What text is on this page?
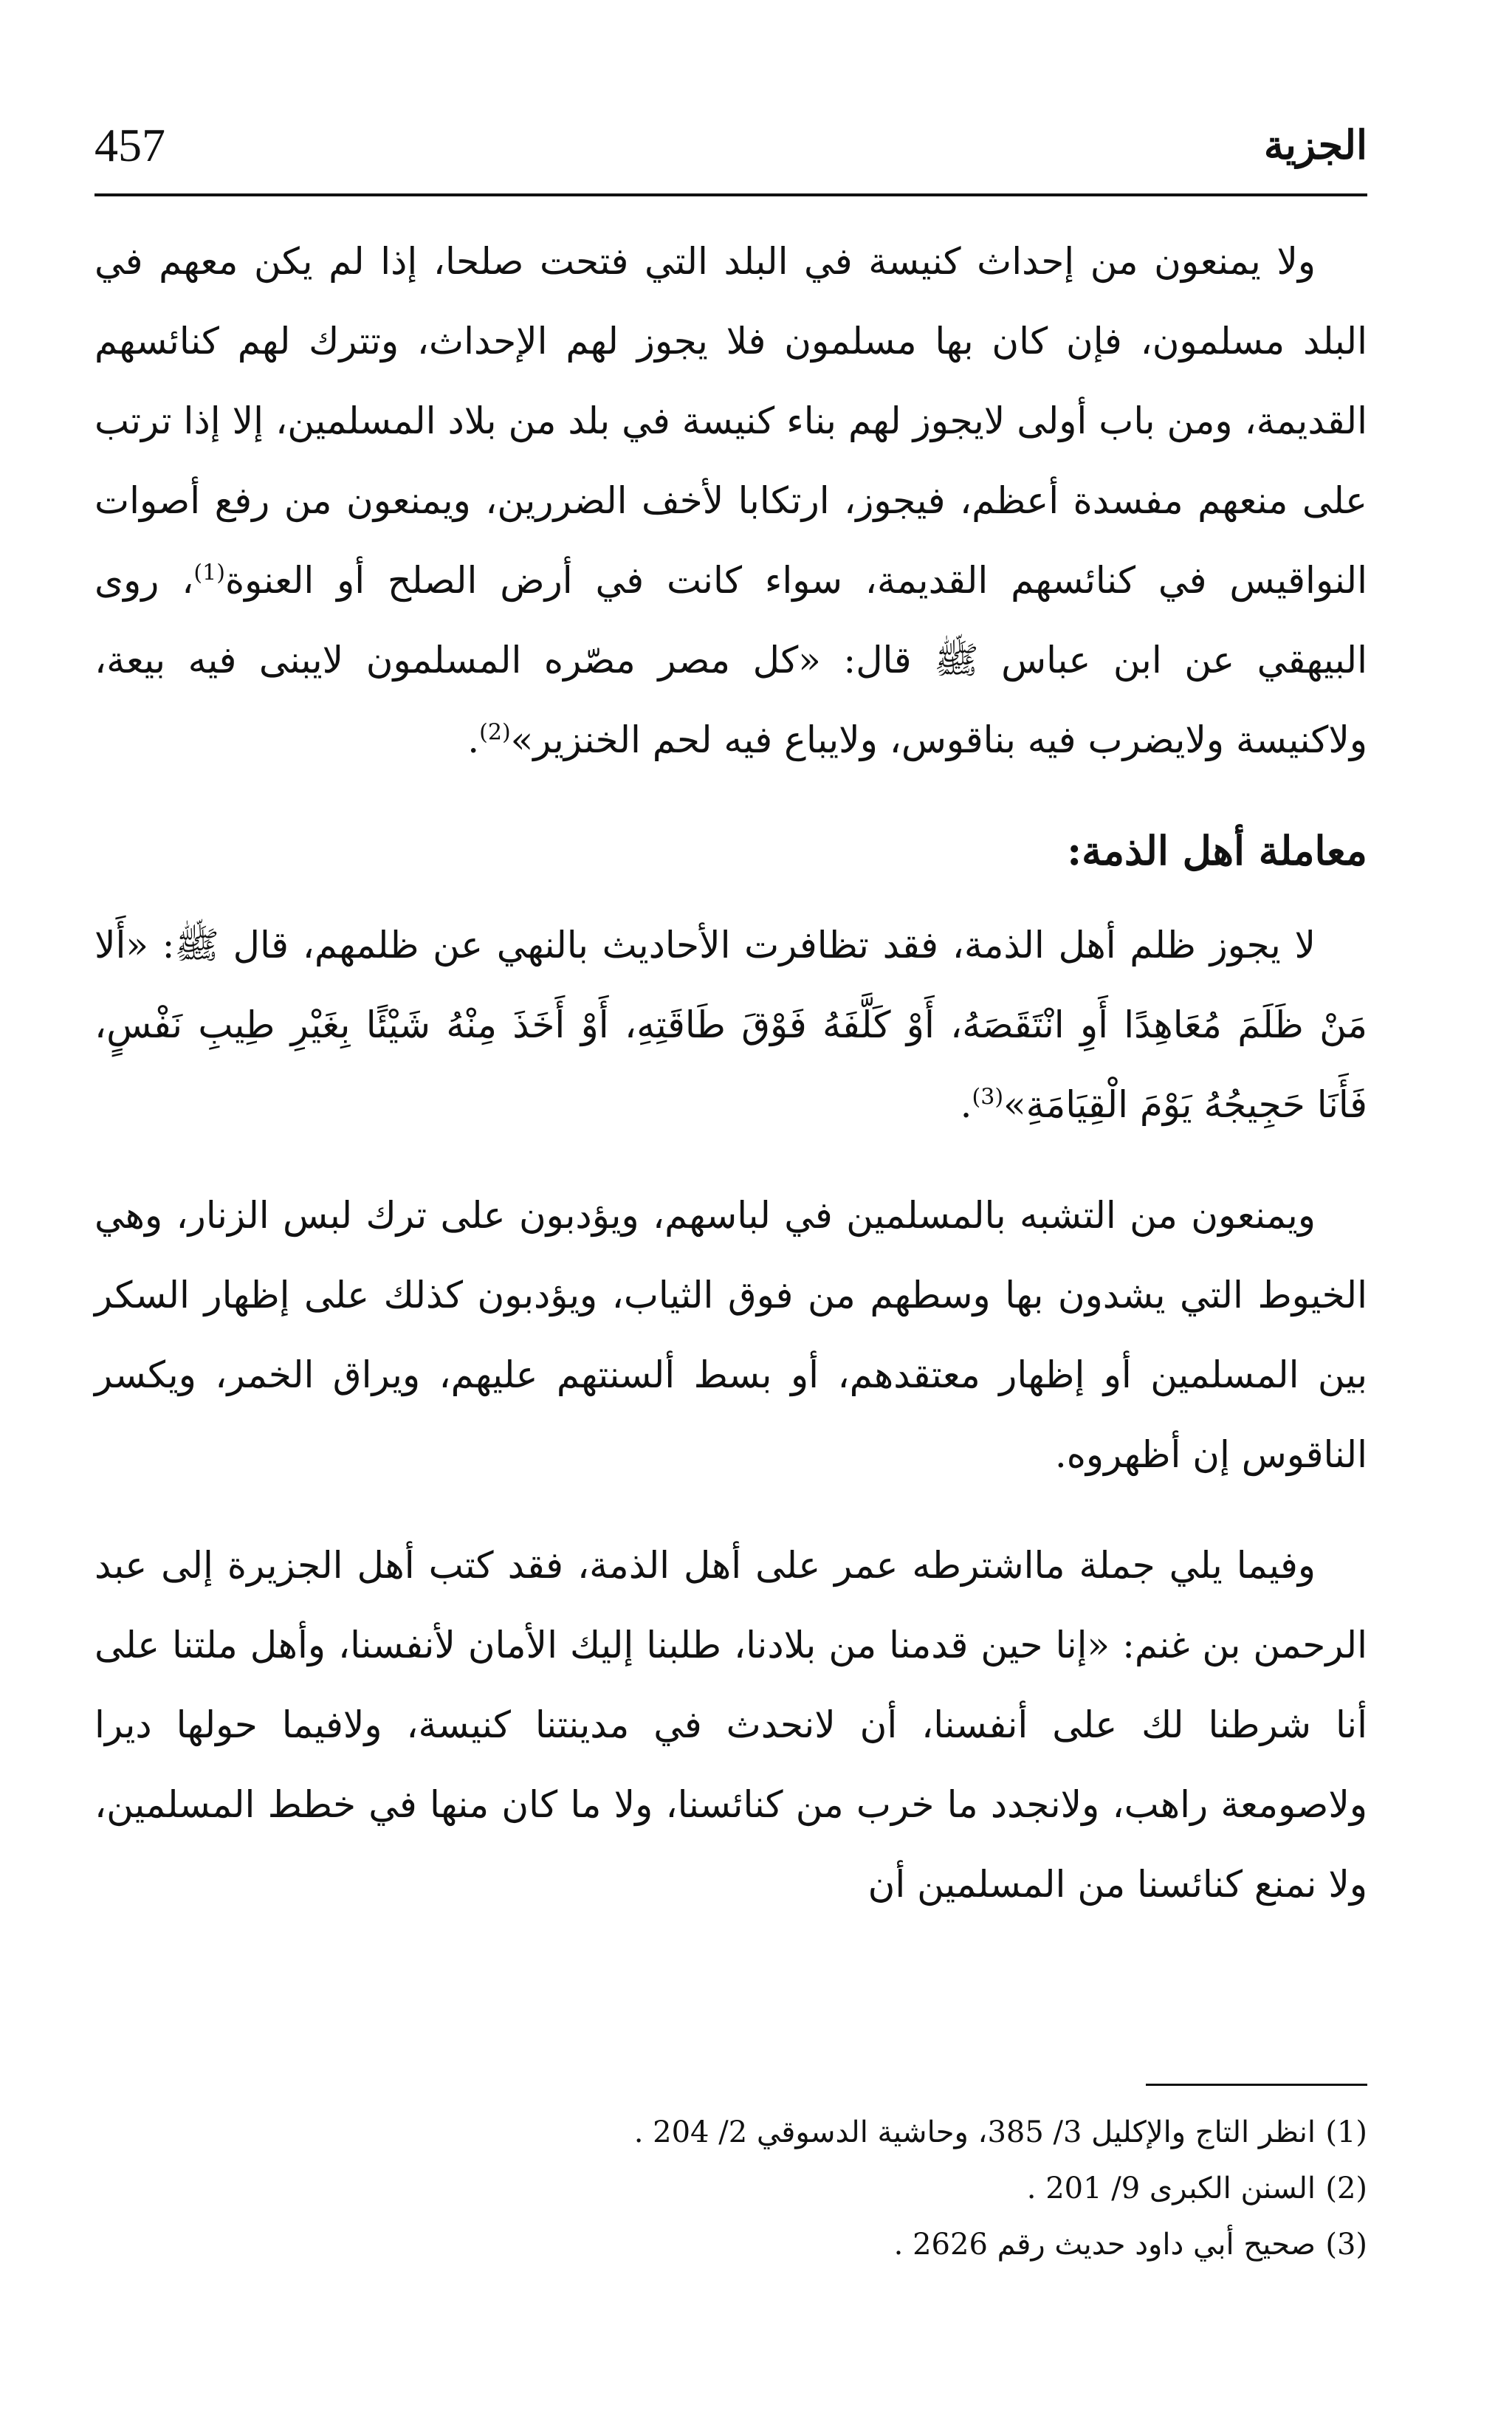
457	الجزية

ولا يمنعون من إحداث كنيسة في البلد التي فتحت صلحا، إذا لم يكن معهم في البلد مسلمون، فإن كان بها مسلمون فلا يجوز لهم الإحداث، وتترك لهم كنائسهم القديمة، ومن باب أولى لايجوز لهم بناء كنيسة في بلد من بلاد المسلمين، إلا إذا ترتب على منعهم مفسدة أعظم، فيجوز، ارتكابا لأخف الضررين، ويمنعون من رفع أصوات النواقيس في كنائسهم القديمة، سواء كانت في أرض الصلح أو العنوة$^{(1)}$، روى البيهقي عن ابن عباس ﷺ قال: «كل مصر مصّره المسلمون لايبنى فيه بيعة، ولاكنيسة ولايضرب فيه بناقوس، ولايباع فيه لحم الخنزير»$^{(2)}$.

معاملة أهل الذمة:

لا يجوز ظلم أهل الذمة، فقد تظافرت الأحاديث بالنهي عن ظلمهم، قال ﷺ: «أَلا مَنْ ظَلَمَ مُعَاهِدًا أَوِ انْتَقَصَهُ، أَوْ كَلَّفَهُ فَوْقَ طَاقَتِهِ، أَوْ أَخَذَ مِنْهُ شَيْئًا بِغَيْرِ طِيبِ نَفْسٍ، فَأَنَا حَجِيجُهُ يَوْمَ الْقِيَامَةِ»$^{(3)}$.

ويمنعون من التشبه بالمسلمين في لباسهم، ويؤدبون على ترك لبس الزنار، وهي الخيوط التي يشدون بها وسطهم من فوق الثياب، ويؤدبون كذلك على إظهار السكر بين المسلمين أو إظهار معتقدهم، أو بسط ألسنتهم عليهم، ويراق الخمر، ويكسر الناقوس إن أظهروه.

وفيما يلي جملة مااشترطه عمر على أهل الذمة، فقد كتب أهل الجزيرة إلى عبد الرحمن بن غنم: «إنا حين قدمنا من بلادنا، طلبنا إليك الأمان لأنفسنا، وأهل ملتنا على أنا شرطنا لك على أنفسنا، أن لانحدث في مدينتنا كنيسة، ولافيما حولها ديرا ولاصومعة راهب، ولانجدد ما خرب من كنائسنا، ولا ما كان منها في خطط المسلمين، ولا نمنع كنائسنا من المسلمين أن

(1)انظر التاج والإكليل 3/ 385، وحاشية الدسوقي 2/ 204 .
(2)السنن الكبرى 9/ 201 .
(3)صحيح أبي داود حديث رقم 2626 .
